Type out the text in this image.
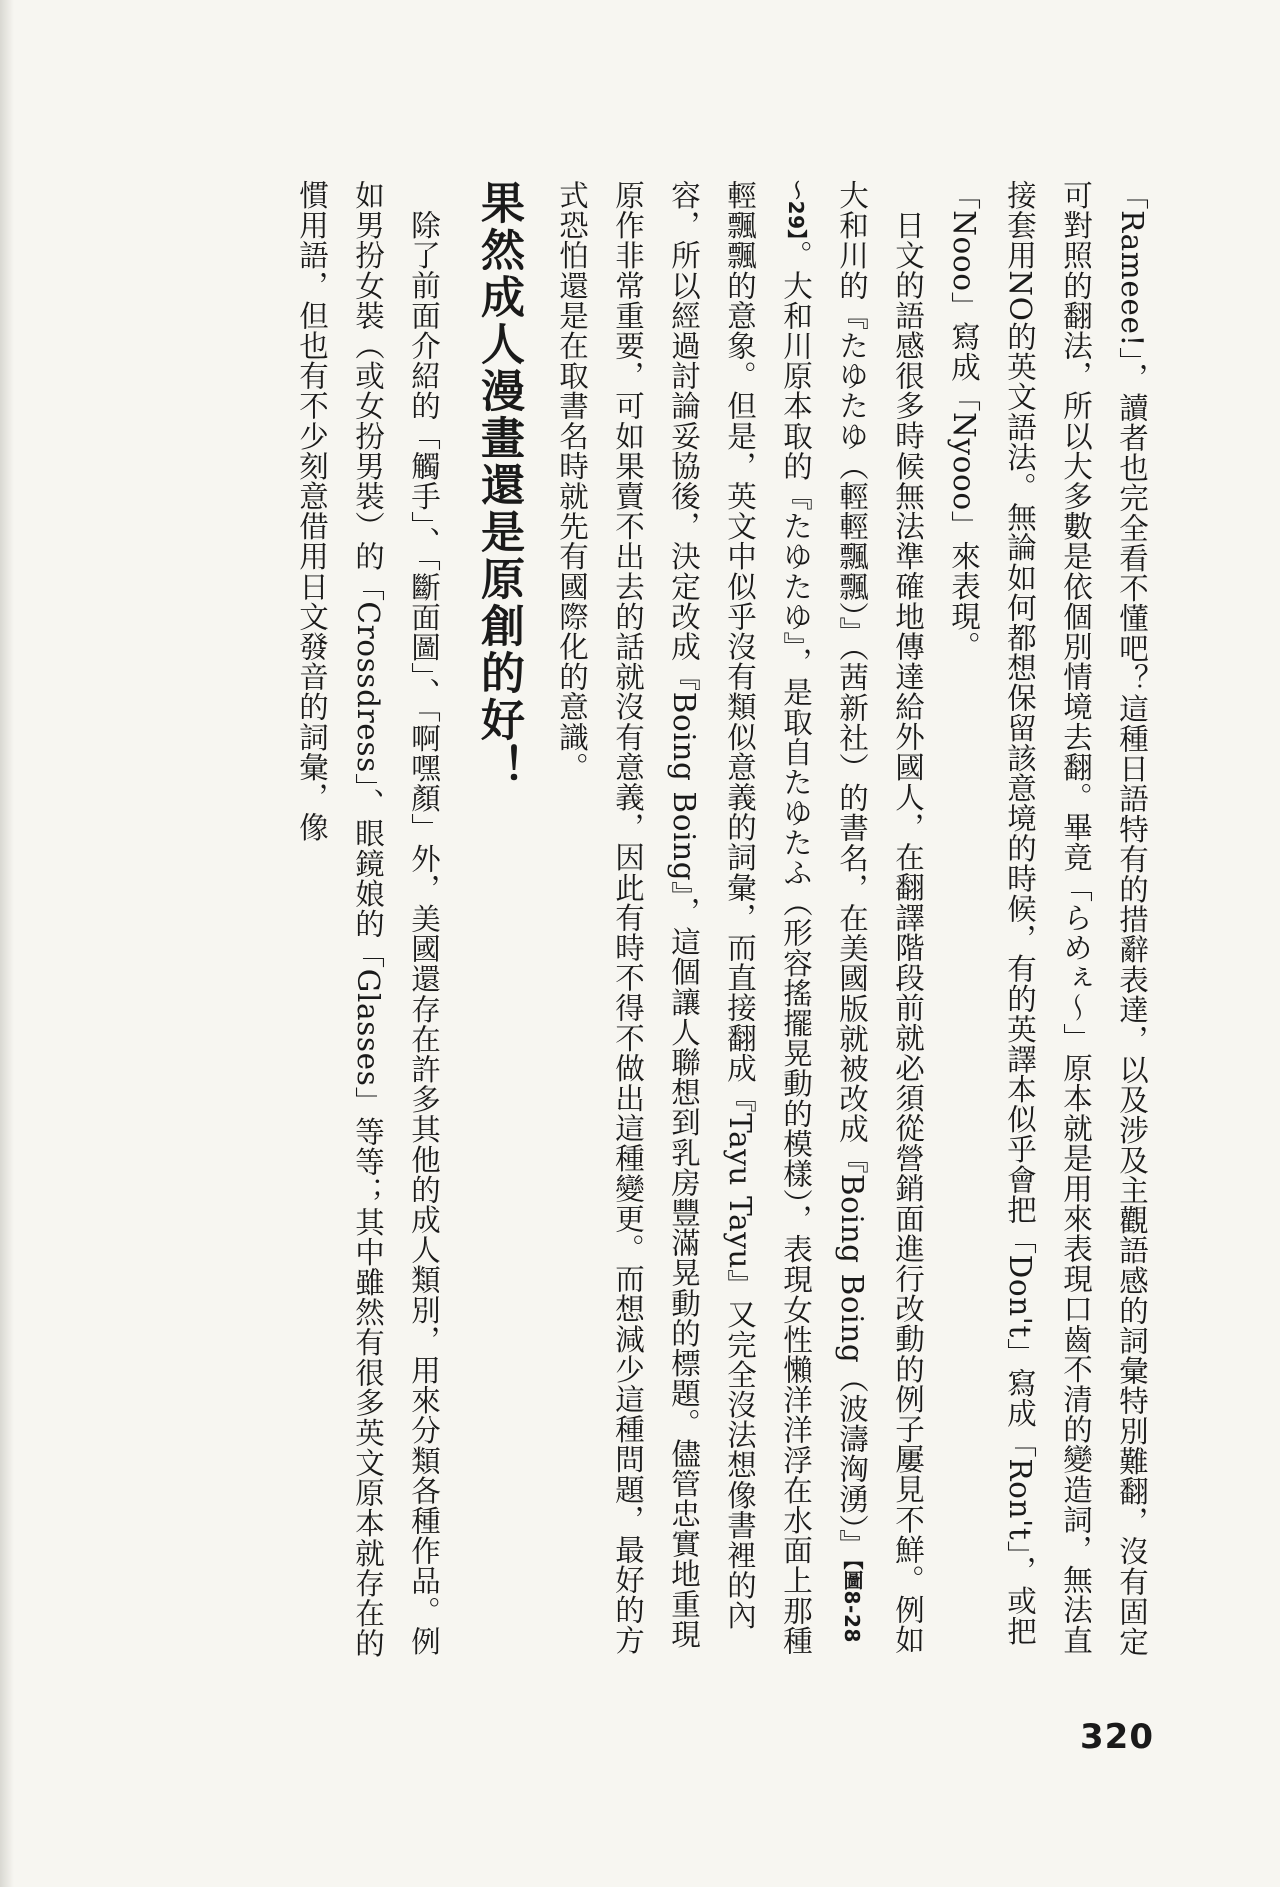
「Rameee!」，讀者也完全看不懂吧？這種日語特有的措辭表達，以及涉及主觀語感的詞彙特別難翻，沒有固定可對照的翻法，所以大多數是依個別情境去翻。畢竟「らめぇ～」原本就是用來表現口齒不清的變造詞，無法直接套用NO的英文語法。無論如何都想保留該意境的時候，有的英譯本似乎會把「Don't」寫成「Ron't」，或把「Nooo」寫成「Nyooo」來表現。

日文的語感很多時候無法準確地傳達給外國人，在翻譯階段前就必須從營銷面進行改動的例子屢見不鮮。例如大和川的『たゆたゆ（輕輕飄飄）』（茜新社）的書名，在美國版就被改成『Boing Boing（波濤洶湧）』【圖8-28～29】。大和川原本取的『たゆたゆ』，是取自たゆたふ（形容搖擺晃動的模樣），表現女性懶洋洋浮在水面上那種輕飄飄的意象。但是，英文中似乎沒有類似意義的詞彙，而直接翻成『Tayu Tayu』又完全沒法想像書裡的內容，所以經過討論妥協後，決定改成『Boing Boing』，這個讓人聯想到乳房豐滿晃動的標題。儘管忠實地重現原作非常重要，可如果賣不出去的話就沒有意義，因此有時不得不做出這種變更。而想減少這種問題，最好的方式恐怕還是在取書名時就先有國際化的意識。

果然成人漫畫還是原創的好！

除了前面介紹的「觸手」、「斷面圖」、「啊嘿顏」外，美國還存在許多其他的成人類別，用來分類各種作品。例如男扮女裝（或女扮男裝）的「Crossdress」、眼鏡娘的「Glasses」等等；其中雖然有很多英文原本就存在的慣用語，但也有不少刻意借用日文發音的詞彙，像

320
